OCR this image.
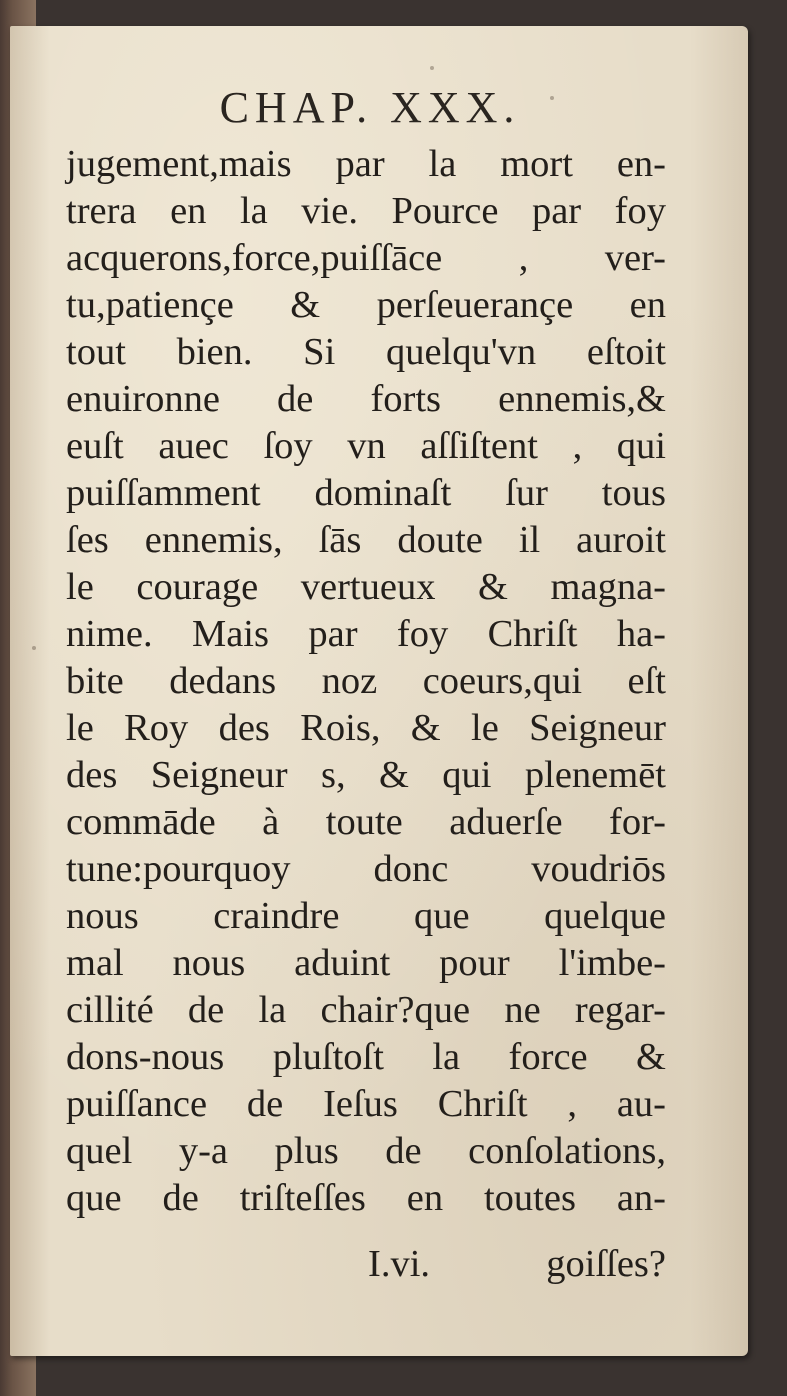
CHAP. XXX.
jugement,mais par la mort en-
trera en la vie. Pource par foy
acquerons,force,puiſſāce , ver-
tu,patiençe & perſeuerançe en
tout bien. Si quelqu'vn eſtoit
enuironne de forts ennemis,&
euſt auec ſoy vn aſſiſtent , qui
puiſſamment dominaſt ſur tous
ſes ennemis, ſās doute il auroit
le courage vertueux & magna-
nime. Mais par foy Chriſt ha-
bite dedans noz coeurs,qui eſt
le Roy des Rois, & le Seigneur
des Seigneur s, & qui plenemēt
commāde à toute aduerſe for-
tune:pourquoy donc voudriōs
nous craindre que quelque
mal nous aduint pour l'imbe-
cillité de la chair?que ne regar-
dons-nous pluſtoſt la force &
puiſſance de Ieſus Chriſt , au-
quel y-a plus de conſolations,
que de triſteſſes en toutes an-
I.vi.	goiſſes?
